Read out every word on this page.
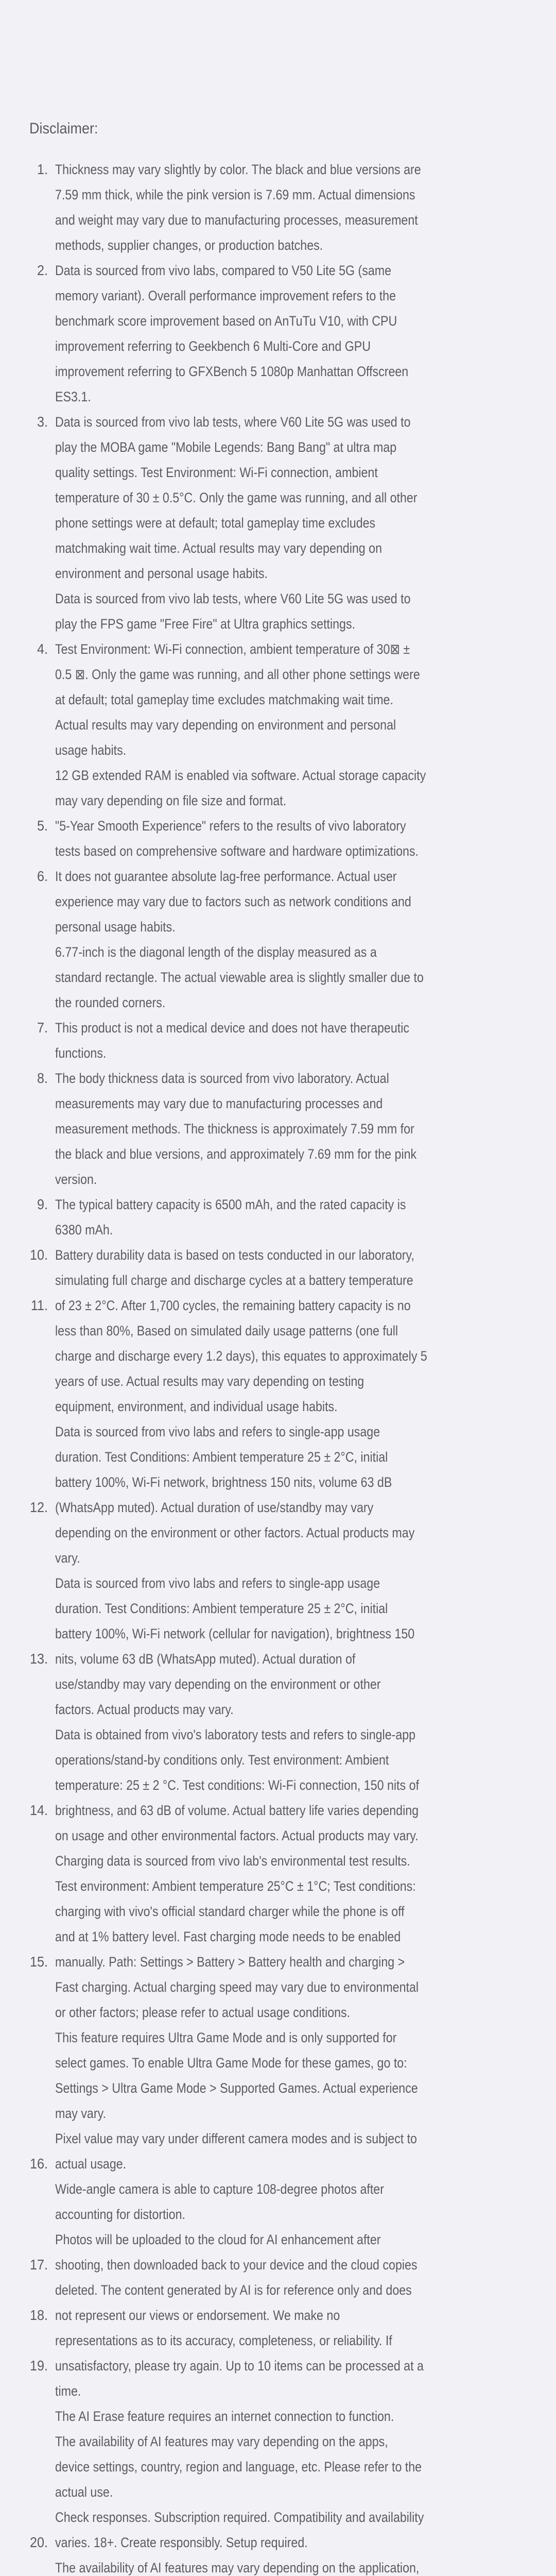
Disclaimer:
1. Thickness may vary slightly by color. The black and blue versions are
7.59 mm thick, while the pink version is 7.69 mm. Actual dimensions
and weight may vary due to manufacturing processes, measurement
methods, supplier changes, or production batches.
2. Data is sourced from vivo labs, compared to V50 Lite 5G (same
memory variant). Overall performance improvement refers to the
benchmark score improvement based on AnTuTu V10, with CPU
improvement referring to Geekbench 6 Multi-Core and GPU
improvement referring to GFXBench 5 1080p Manhattan Offscreen
ES3.1.
3. Data is sourced from vivo lab tests, where V60 Lite 5G was used to
play the MOBA game "Mobile Legends: Bang Bang" at ultra map
quality settings. Test Environment: Wi-Fi connection, ambient
temperature of 30 ± 0.5°C. Only the game was running, and all other
phone settings were at default; total gameplay time excludes
matchmaking wait time. Actual results may vary depending on
environment and personal usage habits.
Data is sourced from vivo lab tests, where V60 Lite 5G was used to
play the FPS game "Free Fire" at Ultra graphics settings.
4. Test Environment: Wi-Fi connection, ambient temperature of 30⊠ ±
0.5 ⊠. Only the game was running, and all other phone settings were
at default; total gameplay time excludes matchmaking wait time.
Actual results may vary depending on environment and personal
usage habits.
12 GB extended RAM is enabled via software. Actual storage capacity
may vary depending on file size and format.
5. "5-Year Smooth Experience" refers to the results of vivo laboratory
tests based on comprehensive software and hardware optimizations.
6. It does not guarantee absolute lag-free performance. Actual user
experience may vary due to factors such as network conditions and
personal usage habits.
6.77-inch is the diagonal length of the display measured as a
standard rectangle. The actual viewable area is slightly smaller due to
the rounded corners.
7. This product is not a medical device and does not have therapeutic
functions.
8. The body thickness data is sourced from vivo laboratory. Actual
measurements may vary due to manufacturing processes and
measurement methods. The thickness is approximately 7.59 mm for
the black and blue versions, and approximately 7.69 mm for the pink
version.
9. The typical battery capacity is 6500 mAh, and the rated capacity is
6380 mAh.
10. Battery durability data is based on tests conducted in our laboratory,
simulating full charge and discharge cycles at a battery temperature
11. of 23 ± 2°C. After 1,700 cycles, the remaining battery capacity is no
less than 80%, Based on simulated daily usage patterns (one full
charge and discharge every 1.2 days), this equates to approximately 5
years of use. Actual results may vary depending on testing
equipment, environment, and individual usage habits.
Data is sourced from vivo labs and refers to single-app usage
duration. Test Conditions: Ambient temperature 25 ± 2°C, initial
battery 100%, Wi-Fi network, brightness 150 nits, volume 63 dB
12. (WhatsApp muted). Actual duration of use/standby may vary
depending on the environment or other factors. Actual products may
vary.
Data is sourced from vivo labs and refers to single-app usage
duration. Test Conditions: Ambient temperature 25 ± 2°C, initial
battery 100%, Wi-Fi network (cellular for navigation), brightness 150
13. nits, volume 63 dB (WhatsApp muted). Actual duration of
use/standby may vary depending on the environment or other
factors. Actual products may vary.
Data is obtained from vivo's laboratory tests and refers to single-app
operations/stand-by conditions only. Test environment: Ambient
temperature: 25 ± 2 °C. Test conditions: Wi-Fi connection, 150 nits of
14. brightness, and 63 dB of volume. Actual battery life varies depending
on usage and other environmental factors. Actual products may vary.
Charging data is sourced from vivo lab's environmental test results.
Test environment: Ambient temperature 25°C ± 1°C; Test conditions:
charging with vivo's official standard charger while the phone is off
and at 1% battery level. Fast charging mode needs to be enabled
15. manually. Path: Settings > Battery > Battery health and charging >
Fast charging. Actual charging speed may vary due to environmental
or other factors; please refer to actual usage conditions.
This feature requires Ultra Game Mode and is only supported for
select games. To enable Ultra Game Mode for these games, go to:
Settings > Ultra Game Mode > Supported Games. Actual experience
may vary.
Pixel value may vary under different camera modes and is subject to
16. actual usage.
Wide-angle camera is able to capture 108-degree photos after
accounting for distortion.
Photos will be uploaded to the cloud for AI enhancement after
17. shooting, then downloaded back to your device and the cloud copies
deleted. The content generated by AI is for reference only and does
18. not represent our views or endorsement. We make no
representations as to its accuracy, completeness, or reliability. If
19. unsatisfactory, please try again. Up to 10 items can be processed at a
time.
The AI Erase feature requires an internet connection to function.
The availability of AI features may vary depending on the apps,
device settings, country, region and language, etc. Please refer to the
actual use.
Check responses. Subscription required. Compatibility and availability
20. varies. 18+. Create responsibly. Setup required.
The availability of AI features may vary depending on the application,
